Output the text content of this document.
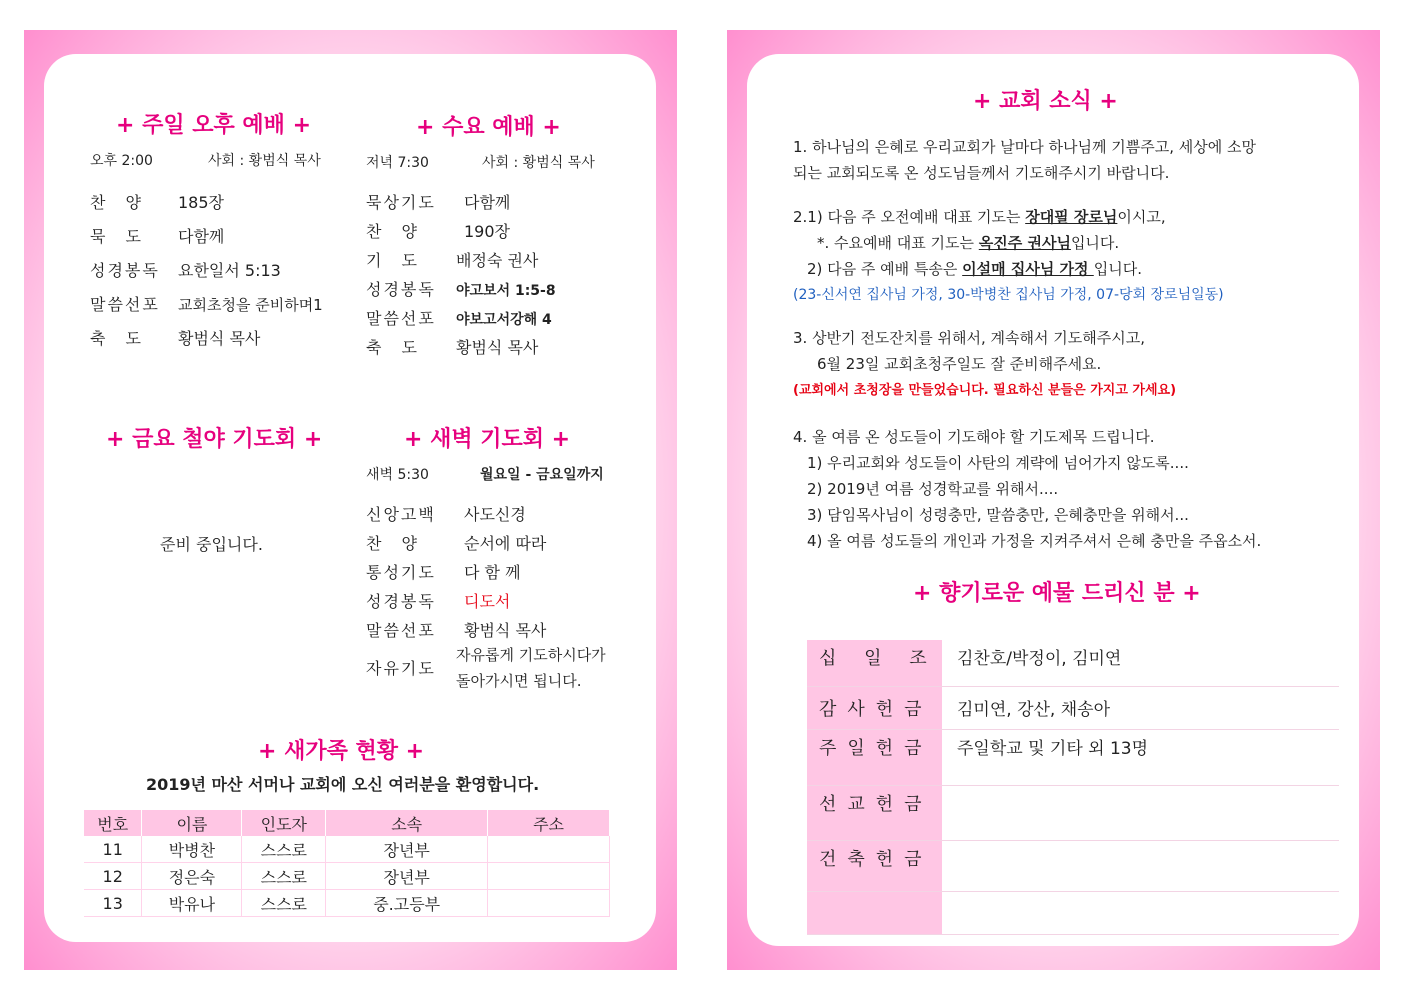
+ 주일 오후 예배 +
오후 2:00	사회 : 황범식 목사
찬　양 185장
묵　도 다함께
성경봉독 요한일서 5:13
말씀선포 교회초청을 준비하며1
축　도 황범식 목사
+ 수요 예배 +
저녁 7:30	사회 : 황범식 목사
묵상기도 다함께
찬　양	190장
기　도 배정숙 권사
성경봉독 야고보서 1:5-8
말씀선포 야보고서강해 4
축　도 황범식 목사
+ 금요 철야 기도회 +
준비 중입니다.
+ 새벽 기도회 +
새벽 5:30	월요일 - 금요일까지
신앙고백 사도신경
찬　양	순서에 따라
통성기도 다 함 께
성경봉독 디도서
말씀선포 황범식 목사
자유기도
자유롭게 기도하시다가
돌아가시면 됩니다.
+ 새가족 현황 +
2019년 마산 서머나 교회에 오신 여러분을 환영합니다.
번호	이름	인도자	소속	주소
11	박병찬	스스로	장년부	
12	정은숙	스스로	장년부	
13	박유나	스스로	중.고등부	
+ 교회 소식 +
1. 하나님의 은혜로 우리교회가 날마다 하나님께 기쁨주고, 세상에 소망
되는 교회되도록 온 성도님들께서 기도해주시기 바랍니다.
2.1) 다음 주 오전예배 대표 기도는 장대필 장로님이시고,
*. 수요예배 대표 기도는 옥진주 권사님입니다.
2) 다음 주 예배 특송은 이설매 집사님 가정 입니다.
(23-신서연 집사님 가정, 30-박병찬 집사님 가정, 07-당회 장로님일동)
3. 상반기 전도잔치를 위해서, 계속해서 기도해주시고,
6월 23일 교회초청주일도 잘 준비해주세요.
(교회에서 초청장을 만들었습니다. 필요하신 분들은 가지고 가세요)
4. 올 여름 온 성도들이 기도해야 할 기도제목 드립니다.
1) 우리교회와 성도들이 사탄의 계략에 넘어가지 않도록....
2) 2019년 여름 성경학교를 위해서....
3) 담임목사님이 성령충만, 말씀충만, 은혜충만을 위해서...
4) 올 여름 성도들의 개인과 가정을 지켜주셔서 은혜 충만을 주옵소서.
+ 향기로운 예물 드리신 분 +
십 일 조 김찬호/박정이, 김미연
감사헌금	김미연, 강산, 채송아
주일헌금	주일학교 및 기타 외 13명
선교헌금
건축헌금
